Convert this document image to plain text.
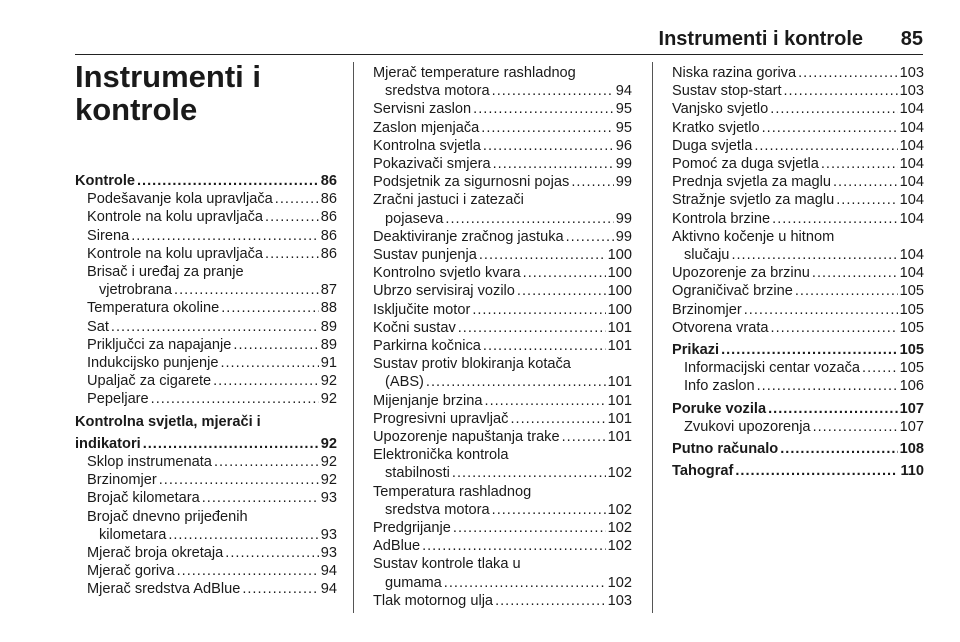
Instrumenti i kontrole 85
Instrumenti i
kontrole
Kontrole .....	86
Podešavanje kola upravljača .....	86
Kontrole na kolu upravljača .....	86
Sirena .....	86
Kontrole na kolu upravljača .....	86
Brisač i uređaj za pranje
vjetrobrana .....	87
Temperatura okoline .....	88
Sat .....	89
Priključci za napajanje .....	89
Indukcijsko punjenje .....	91
Upaljač za cigarete .....	92
Pepeljare .....	92
Kontrolna svjetla, mjerači i
indikatori .....	92
Sklop instrumenata .....	92
Brzinomjer .....	92
Brojač kilometara .....	93
Brojač dnevno prijeđenih
kilometara .....	93
Mjerač broja okretaja .....	93
Mjerač goriva .....	94
Mjerač sredstva AdBlue .....	94
Mjerač temperature rashladnog
sredstva motora .....	94
Servisni zaslon .....	95
Zaslon mjenjača .....	95
Kontrolna svjetla .....	96
Pokazivači smjera .....	99
Podsjetnik za sigurnosni pojas .....	99
Zračni jastuci i zatezači
pojaseva .....	99
Deaktiviranje zračnog jastuka .....	99
Sustav punjenja .....	100
Kontrolno svjetlo kvara .....	100
Ubrzo servisiraj vozilo .....	100
Isključite motor .....	100
Kočni sustav .....	101
Parkirna kočnica .....	101
Sustav protiv blokiranja kotača
(ABS) .....	101
Mijenjanje brzina .....	101
Progresivni upravljač .....	101
Upozorenje napuštanja trake .....	101
Elektronička kontrola
stabilnosti .....	102
Temperatura rashladnog
sredstva motora .....	102
Predgrijanje .....	102
AdBlue .....	102
Sustav kontrole tlaka u
gumama .....	102
Tlak motornog ulja .....	103
Niska razina goriva .....	103
Sustav stop-start .....	103
Vanjsko svjetlo .....	104
Kratko svjetlo .....	104
Duga svjetla .....	104
Pomoć za duga svjetla .....	104
Prednja svjetla za maglu .....	104
Stražnje svjetlo za maglu .....	104
Kontrola brzine .....	104
Aktivno kočenje u hitnom
slučaju .....	104
Upozorenje za brzinu .....	104
Ograničivač brzine .....	105
Brzinomjer .....	105
Otvorena vrata .....	105
Prikazi .....	105
Informacijski centar vozača .....	105
Info zaslon .....	106
Poruke vozila .....	107
Zvukovi upozorenja .....	107
Putno računalo .....	108
Tahograf .....	110
